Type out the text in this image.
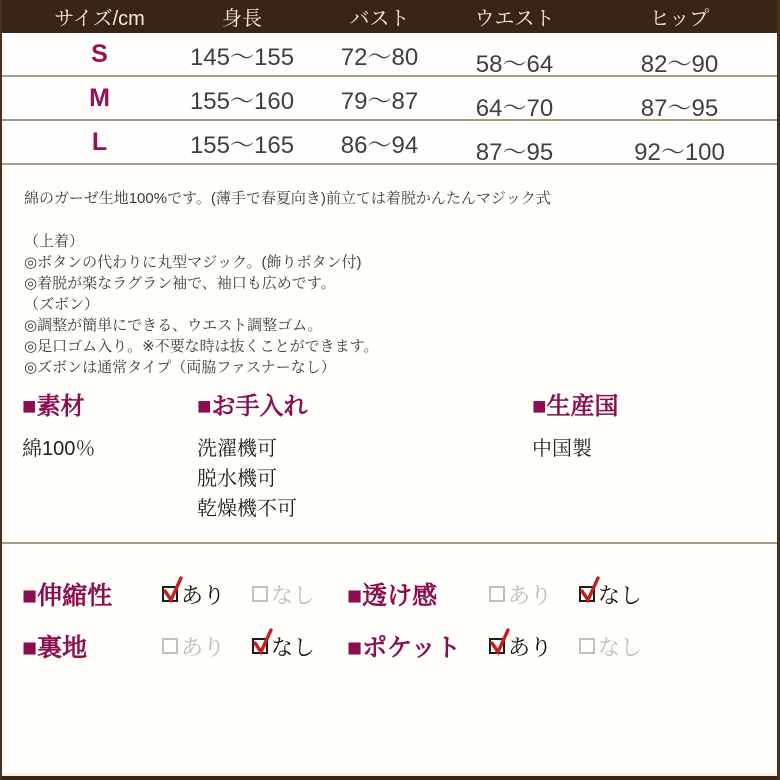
サイズ/cm	身長	バスト	ウエスト	ヒップ
S	145〜155	72〜80	58〜64	82〜90
M	155〜160	79〜87	64〜70	87〜95
L	155〜165	86〜94	87〜95	92〜100
綿のガーゼ生地100%です。(薄手で春夏向き)前立ては着脱かんたんマジック式
（上着）
◎ボタンの代わりに丸型マジック。(飾りボタン付)
◎着脱が楽なラグラン袖で、袖口も広めです。
（ズボン）
◎調整が簡単にできる、ウエスト調整ゴム。
◎足口ゴム入り。※不要な時は抜くことができます。
◎ズボンは通常タイプ（両脇ファスナーなし）
■素材
綿100％
■お手入れ
洗濯機可
脱水機可
乾燥機不可
■生産国
中国製
■伸縮性	あり なし ■透け感	あり なし
■裏地	あり なし ■ポケット	あり なし
